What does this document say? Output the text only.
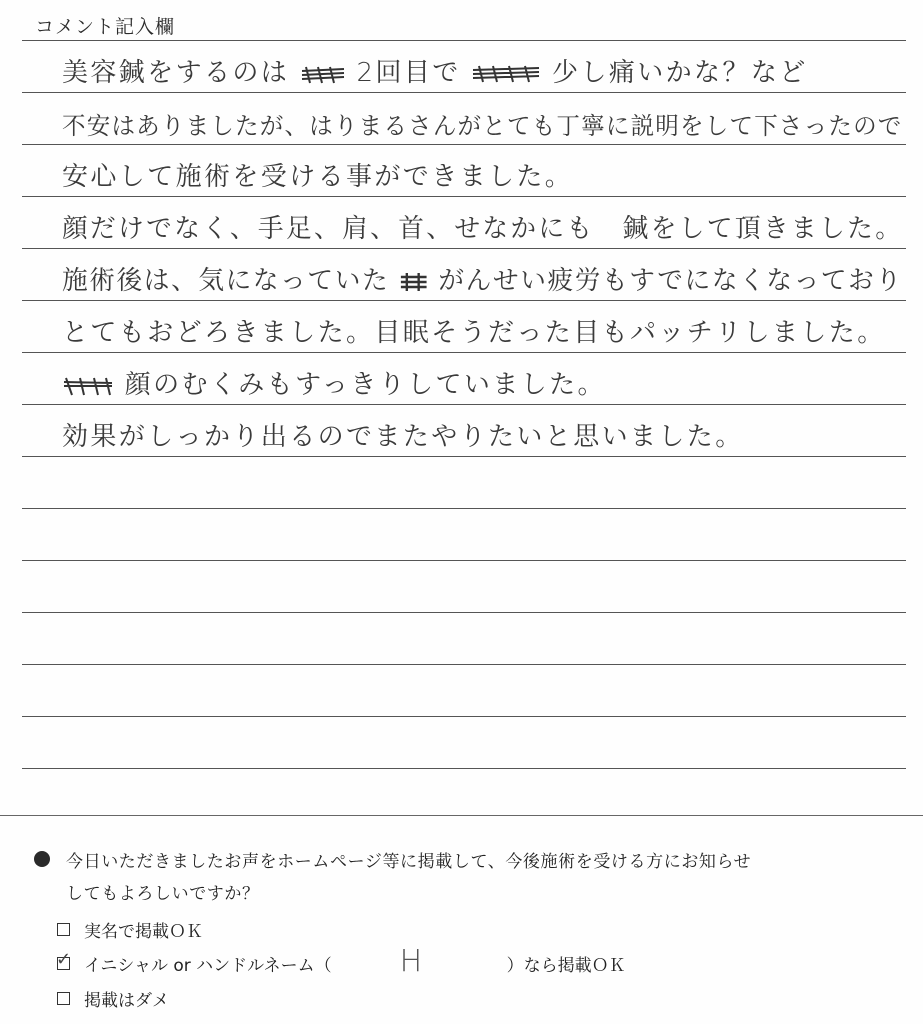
コメント記入欄
美容鍼をするのは	2回目で	少し痛いかな？など
不安はありましたが、はりまるさんがとても丁寧に説明をして下さったので
安心して施術を受ける事ができました。
顔だけでなく、手足、肩、首、せなかにも　鍼をして頂きました。
施術後は、気になっていた がんせい疲労もすでになくなっており
とてもおどろきました。目眠そうだった目もパッチリしました。
顔のむくみもすっきりしていました。
効果がしっかり出るのでまたやりたいと思いました。
今日いただきましたお声をホームページ等に掲載して、今後施術を受ける方にお知らせ
してもよろしいですか？
実名で掲載ＯＫ
✓ イニシャル or ハンドルネーム（ H	）なら掲載ＯＫ
掲載はダメ
